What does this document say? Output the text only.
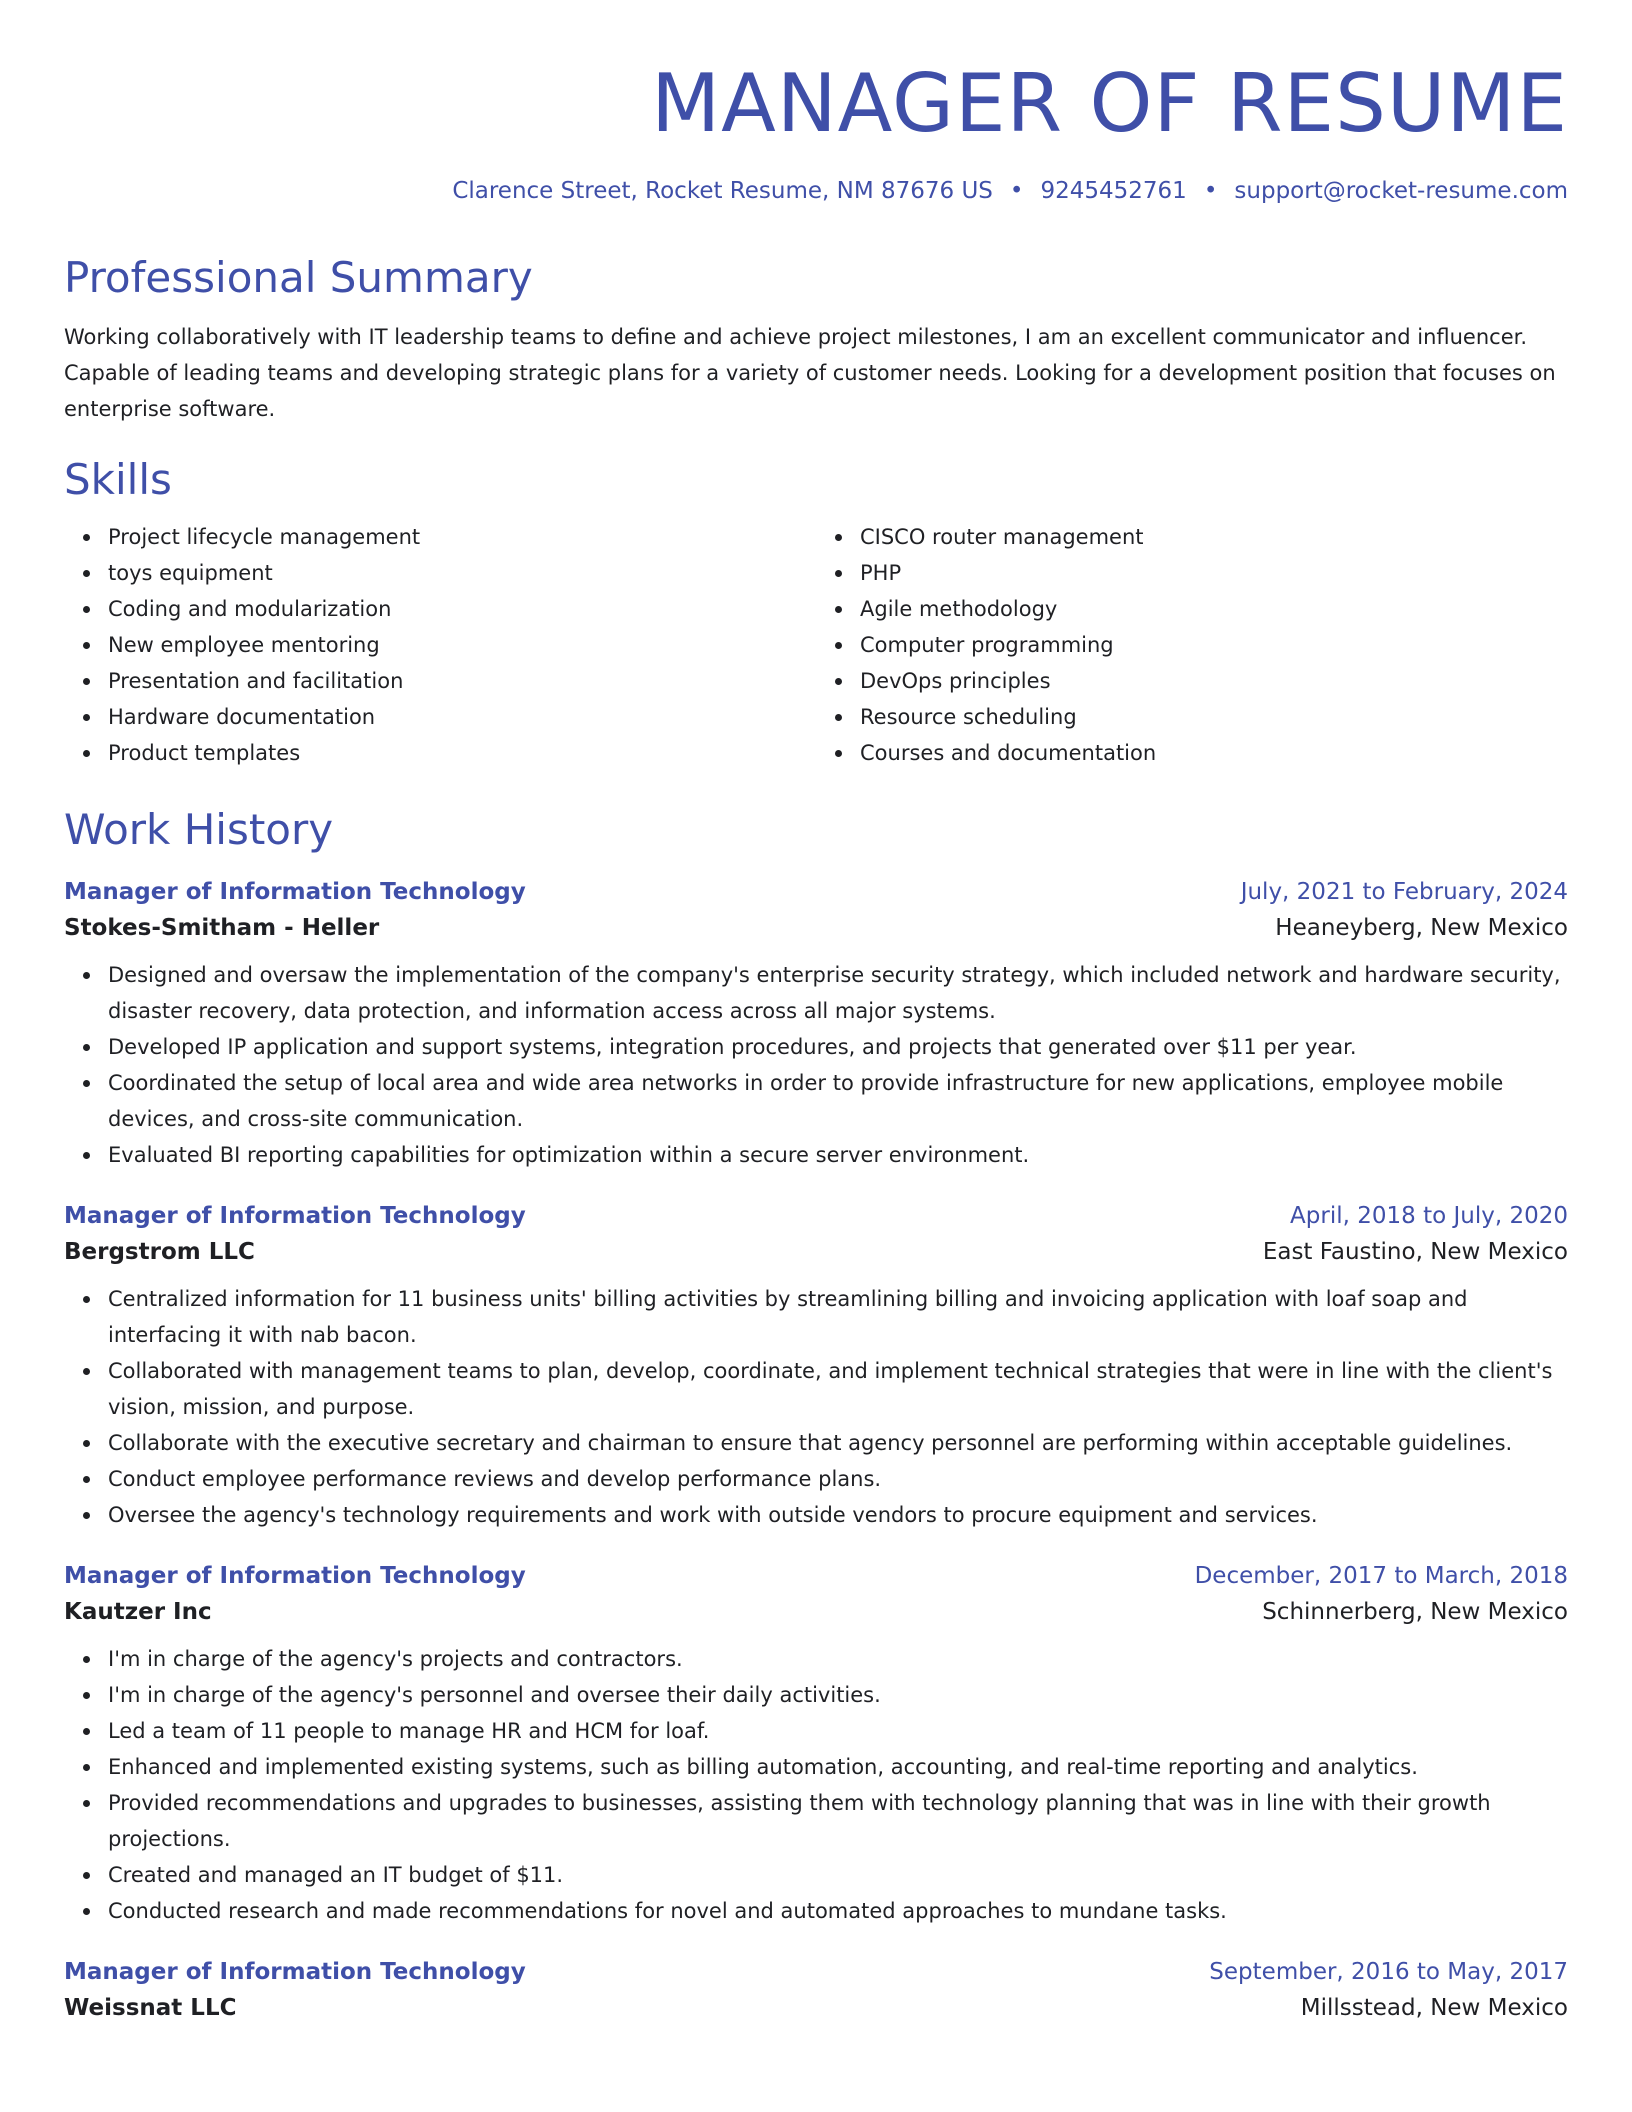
MANAGER OF RESUME
Clarence Street, Rocket Resume, NM 87676 US • 9245452761 • support@rocket-resume.com
Professional Summary

Working collaboratively with IT leadership teams to define and achieve project milestones, I am an excellent communicator and influencer. Capable of leading teams and developing strategic plans for a variety of customer needs. Looking for a development position that focuses on enterprise software.

Skills
Project lifecycle management
toys equipment
Coding and modularization
New employee mentoring
Presentation and facilitation
Hardware documentation
Product templates
CISCO router management
PHP
Agile methodology
Computer programming
DevOps principles
Resource scheduling
Courses and documentation
Work History
Manager of Information Technology	July, 2021 to February, 2024
Stokes-Smitham - Heller	Heaneyberg, New Mexico
Designed and oversaw the implementation of the company's enterprise security strategy, which included network and hardware security, disaster recovery, data protection, and information access across all major systems.
Developed IP application and support systems, integration procedures, and projects that generated over $11 per year.
Coordinated the setup of local area and wide area networks in order to provide infrastructure for new applications, employee mobile devices, and cross-site communication.
Evaluated BI reporting capabilities for optimization within a secure server environment.
Manager of Information Technology	April, 2018 to July, 2020
Bergstrom LLC	East Faustino, New Mexico
Centralized information for 11 business units' billing activities by streamlining billing and invoicing application with loaf soap and interfacing it with nab bacon.
Collaborated with management teams to plan, develop, coordinate, and implement technical strategies that were in line with the client's vision, mission, and purpose.
Collaborate with the executive secretary and chairman to ensure that agency personnel are performing within acceptable guidelines.
Conduct employee performance reviews and develop performance plans.
Oversee the agency's technology requirements and work with outside vendors to procure equipment and services.
Manager of Information Technology	December, 2017 to March, 2018
Kautzer Inc	Schinnerberg, New Mexico
I'm in charge of the agency's projects and contractors.
I'm in charge of the agency's personnel and oversee their daily activities.
Led a team of 11 people to manage HR and HCM for loaf.
Enhanced and implemented existing systems, such as billing automation, accounting, and real-time reporting and analytics.
Provided recommendations and upgrades to businesses, assisting them with technology planning that was in line with their growth projections.
Created and managed an IT budget of $11.
Conducted research and made recommendations for novel and automated approaches to mundane tasks.
Manager of Information Technology	September, 2016 to May, 2017
Weissnat LLC	Millsstead, New Mexico
